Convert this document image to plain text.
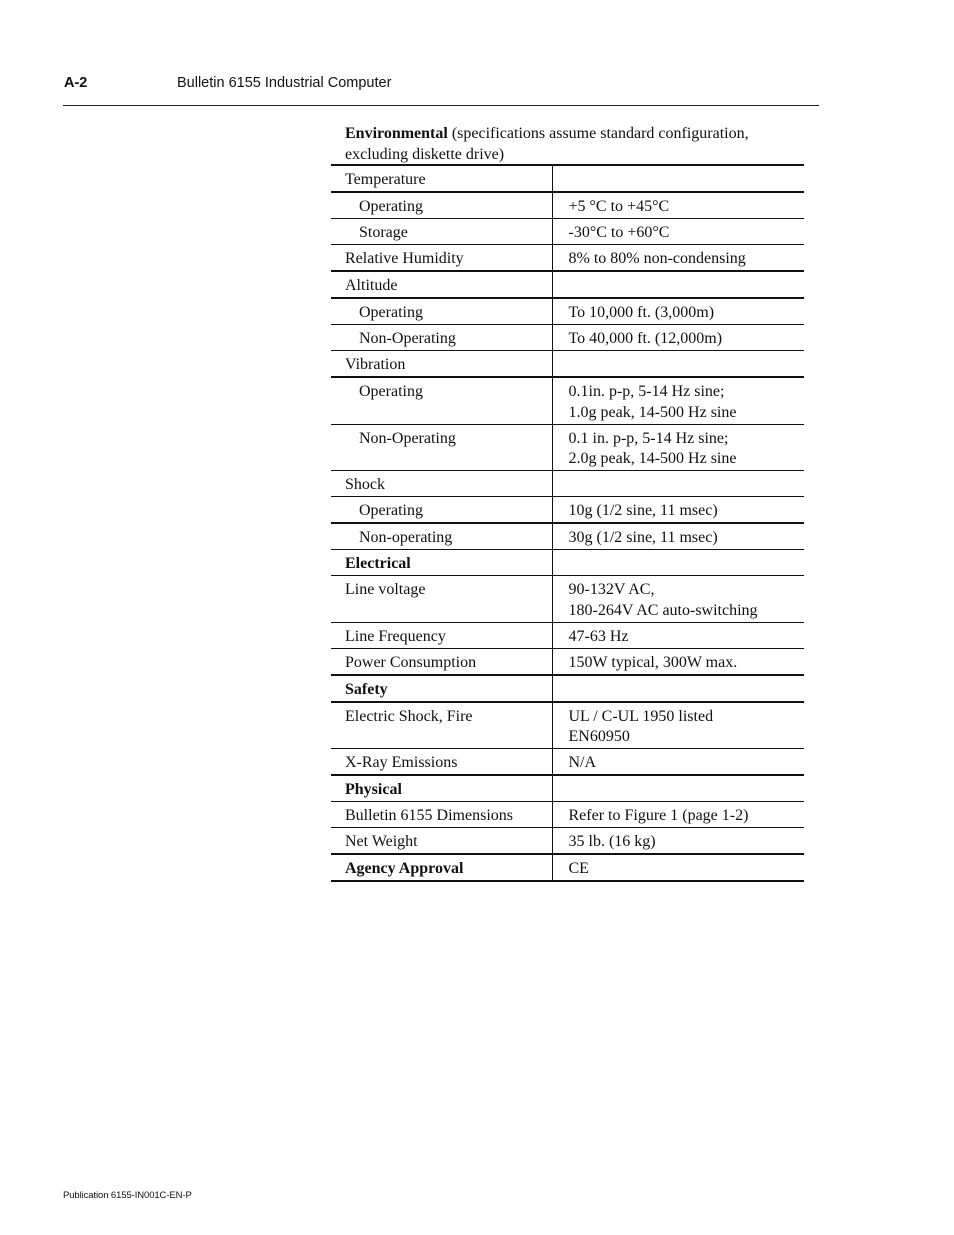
A-2	Bulletin 6155 Industrial Computer
Environmental (specifications assume standard configuration, excluding diskette drive)
Temperature	
Operating	+5 °C to +45°C
Storage	-30°C to +60°C
Relative Humidity	8% to 80% non-condensing
Altitude	
Operating	To 10,000 ft. (3,000m)
Non-Operating	To 40,000 ft. (12,000m)
Vibration	
Operating	0.1in. p-p, 5-14 Hz sine;
1.0g peak, 14-500 Hz sine

Non-Operating	0.1 in. p-p, 5-14 Hz sine;
2.0g peak, 14-500 Hz sine

Shock	
Operating	10g (1/2 sine, 11 msec)
Non-operating	30g (1/2 sine, 11 msec)
Electrical	
Line voltage	90-132V AC,
180-264V AC auto-switching

Line Frequency	47-63 Hz
Power Consumption	150W typical, 300W max.
Safety	
Electric Shock, Fire	UL / C-UL 1950 listed
EN60950

X-Ray Emissions	N/A
Physical	
Bulletin 6155 Dimensions	Refer to Figure 1 (page 1-2)
Net Weight	35 lb. (16 kg)
Agency Approval	CE
Publication 6155-IN001C-EN-P
